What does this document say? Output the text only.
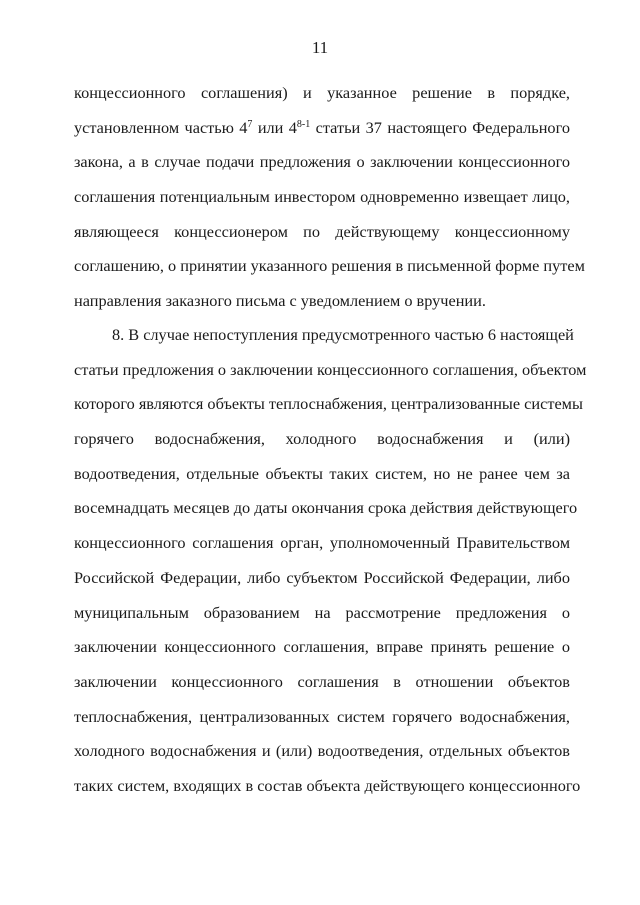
11
концессионного соглашения) и указанное решение в порядке,
установленном частью $4^7$ или 4$^{8-1}$ статьи 37 настоящего Федерального
закона, а в случае подачи предложения о заключении концессионного
соглашения потенциальным инвестором одновременно извещает лицо,
являющееся концессионером по действующему концессионному
соглашению, о принятии указанного решения в письменной форме путем
направления заказного письма с уведомлением о вручении.
8. В случае непоступления предусмотренного частью 6 настоящей
статьи предложения о заключении концессионного соглашения, объектом
которого являются объекты теплоснабжения, централизованные системы
горячего водоснабжения, холодного водоснабжения и (или)
водоотведения, отдельные объекты таких систем, но не ранее чем за
восемнадцать месяцев до даты окончания срока действия действующего
концессионного соглашения орган, уполномоченный Правительством
Российской Федерации, либо субъектом Российской Федерации, либо
муниципальным образованием на рассмотрение предложения о
заключении концессионного соглашения, вправе принять решение о
заключении концессионного соглашения в отношении объектов
теплоснабжения, централизованных систем горячего водоснабжения,
холодного водоснабжения и (или) водоотведения, отдельных объектов
таких систем, входящих в состав объекта действующего концессионного
